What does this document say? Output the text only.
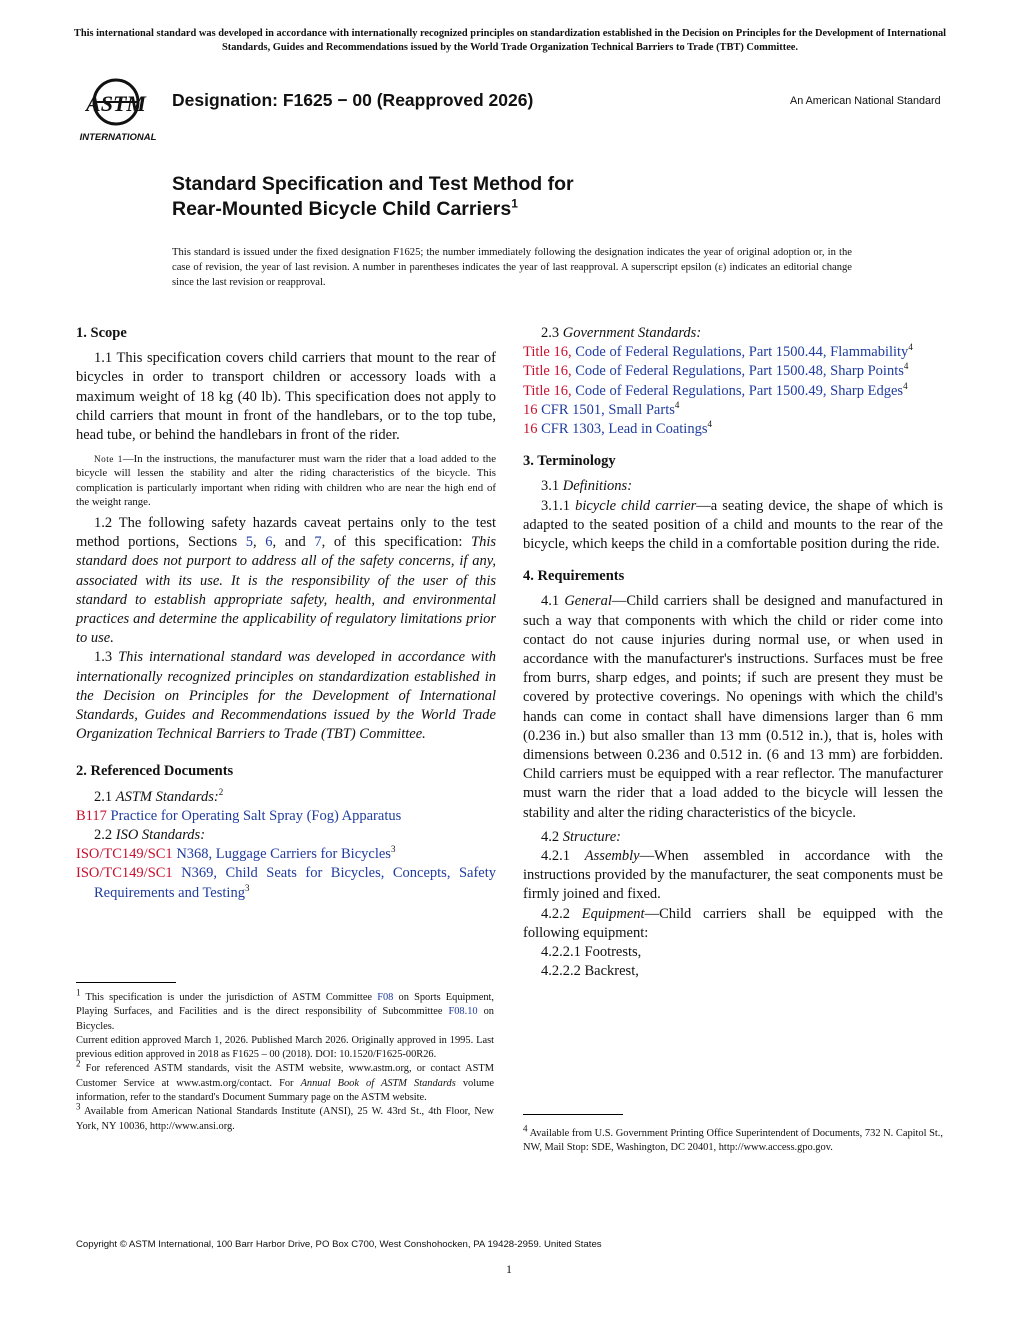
This international standard was developed in accordance with internationally recognized principles on standardization established in the Decision on Principles for the Development of International Standards, Guides and Recommendations issued by the World Trade Organization Technical Barriers to Trade (TBT) Committee.
ASTM
INTERNATIONAL
Designation: F1625 − 00 (Reapproved 2026)	An American National Standard
Standard Specification and Test Method for
Rear-Mounted Bicycle Child Carriers$^1$
This standard is issued under the fixed designation F1625; the number immediately following the designation indicates the year of original adoption or, in the case of revision, the year of last revision. A number in parentheses indicates the year of last reapproval. A superscript epsilon (ε) indicates an editorial change since the last revision or reapproval.

1. Scope

1.1 This specification covers child carriers that mount to the rear of bicycles in order to transport children or accessory loads with a maximum weight of 18 kg (40 lb). This specification does not apply to child carriers that mount in front of the handlebars, or to the top tube, head tube, or behind the handlebars in front of the rider.

Note 1—In the instructions, the manufacturer must warn the rider that a load added to the bicycle will lessen the stability and alter the riding characteristics of the bicycle. This complication is particularly important when riding with children who are near the high end of the weight range.

1.2 The following safety hazards caveat pertains only to the test method portions, Sections 5, 6, and 7, of this specification: This standard does not purport to address all of the safety concerns, if any, associated with its use. It is the responsibility of the user of this standard to establish appropriate safety, health, and environmental practices and determine the applicability of regulatory limitations prior to use.

1.3 This international standard was developed in accordance with internationally recognized principles on standardization established in the Decision on Principles for the Development of International Standards, Guides and Recommendations issued by the World Trade Organization Technical Barriers to Trade (TBT) Committee.

2. Referenced Documents

2.1 ASTM Standards:$^2$

B117 Practice for Operating Salt Spray (Fog) Apparatus

2.2 ISO Standards:

ISO/TC149/SC1 N368, Luggage Carriers for Bicycles$^3$

ISO/TC149/SC1 N369, Child Seats for Bicycles, Concepts, Safety Requirements and Testing$^3$

$^1$ This specification is under the jurisdiction of ASTM Committee F08 on Sports Equipment, Playing Surfaces, and Facilities and is the direct responsibility of Subcommittee F08.10 on Bicycles.

Current edition approved March 1, 2026. Published March 2026. Originally approved in 1995. Last previous edition approved in 2018 as F1625 – 00 (2018). DOI: 10.1520/F1625-00R26.

$^2$ For referenced ASTM standards, visit the ASTM website, www.astm.org, or contact ASTM Customer Service at www.astm.org/contact. For Annual Book of ASTM Standards volume information, refer to the standard's Document Summary page on the ASTM website.

$^3$ Available from American National Standards Institute (ANSI), 25 W. 43rd St., 4th Floor, New York, NY 10036, http://www.ansi.org.

2.3 Government Standards:

Title 16, Code of Federal Regulations, Part 1500.44, Flammability$^4$

Title 16, Code of Federal Regulations, Part 1500.48, Sharp Points$^4$

Title 16, Code of Federal Regulations, Part 1500.49, Sharp Edges$^4$

16 CFR 1501, Small Parts$^4$

16 CFR 1303, Lead in Coatings$^4$

3. Terminology

3.1 Definitions:

3.1.1 bicycle child carrier—a seating device, the shape of which is adapted to the seated position of a child and mounts to the rear of the bicycle, which keeps the child in a comfortable position during the ride.

4. Requirements

4.1 General—Child carriers shall be designed and manufactured in such a way that components with which the child or rider come into contact do not cause injuries during normal use, or when used in accordance with the manufacturer's instructions. Surfaces must be free from burrs, sharp edges, and points; if such are present they must be covered by protective coverings. No openings with which the child's hands can come in contact shall have dimensions larger than 6 mm (0.236 in.) but also smaller than 13 mm (0.512 in.), that is, holes with dimensions between 0.236 and 0.512 in. (6 and 13 mm) are forbidden. Child carriers must be equipped with a rear reflector. The manufacturer must warn the rider that a load added to the bicycle will lessen the stability and alter the riding characteristics of the bicycle.

4.2 Structure:

4.2.1 Assembly—When assembled in accordance with the instructions provided by the manufacturer, the seat components must be firmly joined and fixed.

4.2.2 Equipment—Child carriers shall be equipped with the following equipment:

4.2.2.1 Footrests,

4.2.2.2 Backrest,

$^4$ Available from U.S. Government Printing Office Superintendent of Documents, 732 N. Capitol St., NW, Mail Stop: SDE, Washington, DC 20401, http://www.access.gpo.gov.

Copyright © ASTM International, 100 Barr Harbor Drive, PO Box C700, West Conshohocken, PA 19428-2959. United States
1
